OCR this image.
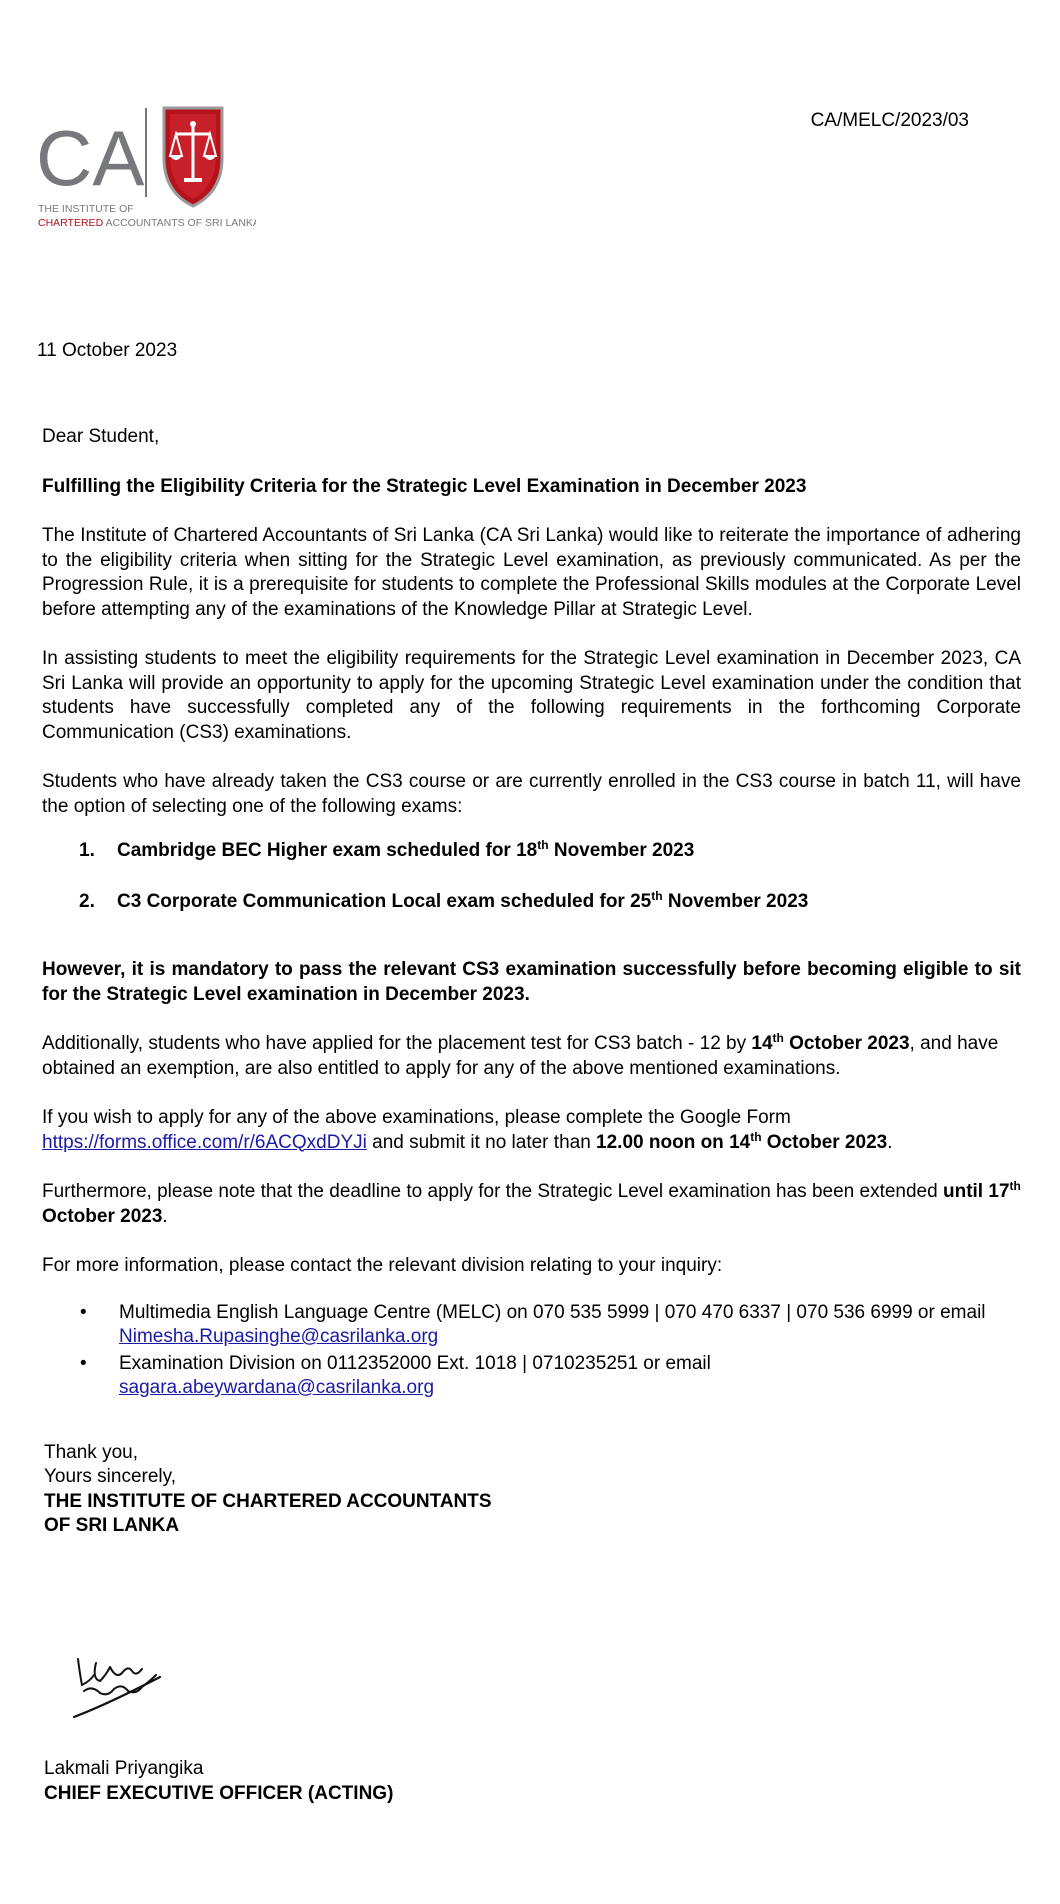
CA
THE INSTITUTE OF
CHARTERED ACCOUNTANTS OF SRI LANKA
CA/MELC/2023/03
11 October 2023

Dear Student,

Fulfilling the Eligibility Criteria for the Strategic Level Examination in December 2023

The Institute of Chartered Accountants of Sri Lanka (CA Sri Lanka) would like to reiterate the importance of adhering to the eligibility criteria when sitting for the Strategic Level examination, as previously communicated. As per the Progression Rule, it is a prerequisite for students to complete the Professional Skills modules at the Corporate Level before attempting any of the examinations of the Knowledge Pillar at Strategic Level.

In assisting students to meet the eligibility requirements for the Strategic Level examination in December 2023, CA Sri Lanka will provide an opportunity to apply for the upcoming Strategic Level examination under the condition that students have successfully completed any of the following requirements in the forthcoming Corporate Communication (CS3) examinations.

Students who have already taken the CS3 course or are currently enrolled in the CS3 course in batch 11, will have the option of selecting one of the following exams:

1. Cambridge BEC Higher exam scheduled for 18th November 2023
2. C3 Corporate Communication Local exam scheduled for 25th November 2023

However, it is mandatory to pass the relevant CS3 examination successfully before becoming eligible to sit for the Strategic Level examination in December 2023.

Additionally, students who have applied for the placement test for CS3 batch - 12 by 14th October 2023, and have obtained an exemption, are also entitled to apply for any of the above mentioned examinations.

If you wish to apply for any of the above examinations, please complete the Google Form
https://forms.office.com/r/6ACQxdDYJi and submit it no later than 12.00 noon on 14th October 2023.

Furthermore, please note that the deadline to apply for the Strategic Level examination has been extended until 17th October 2023.

For more information, please contact the relevant division relating to your inquiry:

• Multimedia English Language Centre (MELC) on 070 535 5999 | 070 470 6337 | 070 536 6999 or email Nimesha.Rupasinghe@casrilanka.org
• Examination Division on 0112352000 Ext. 1018 | 0710235251 or email
sagara.abeywardana@casrilanka.org
Thank you,
Yours sincerely,
THE INSTITUTE OF CHARTERED ACCOUNTANTS
OF SRI LANKA
Lakmali Priyangika
CHIEF EXECUTIVE OFFICER (ACTING)
